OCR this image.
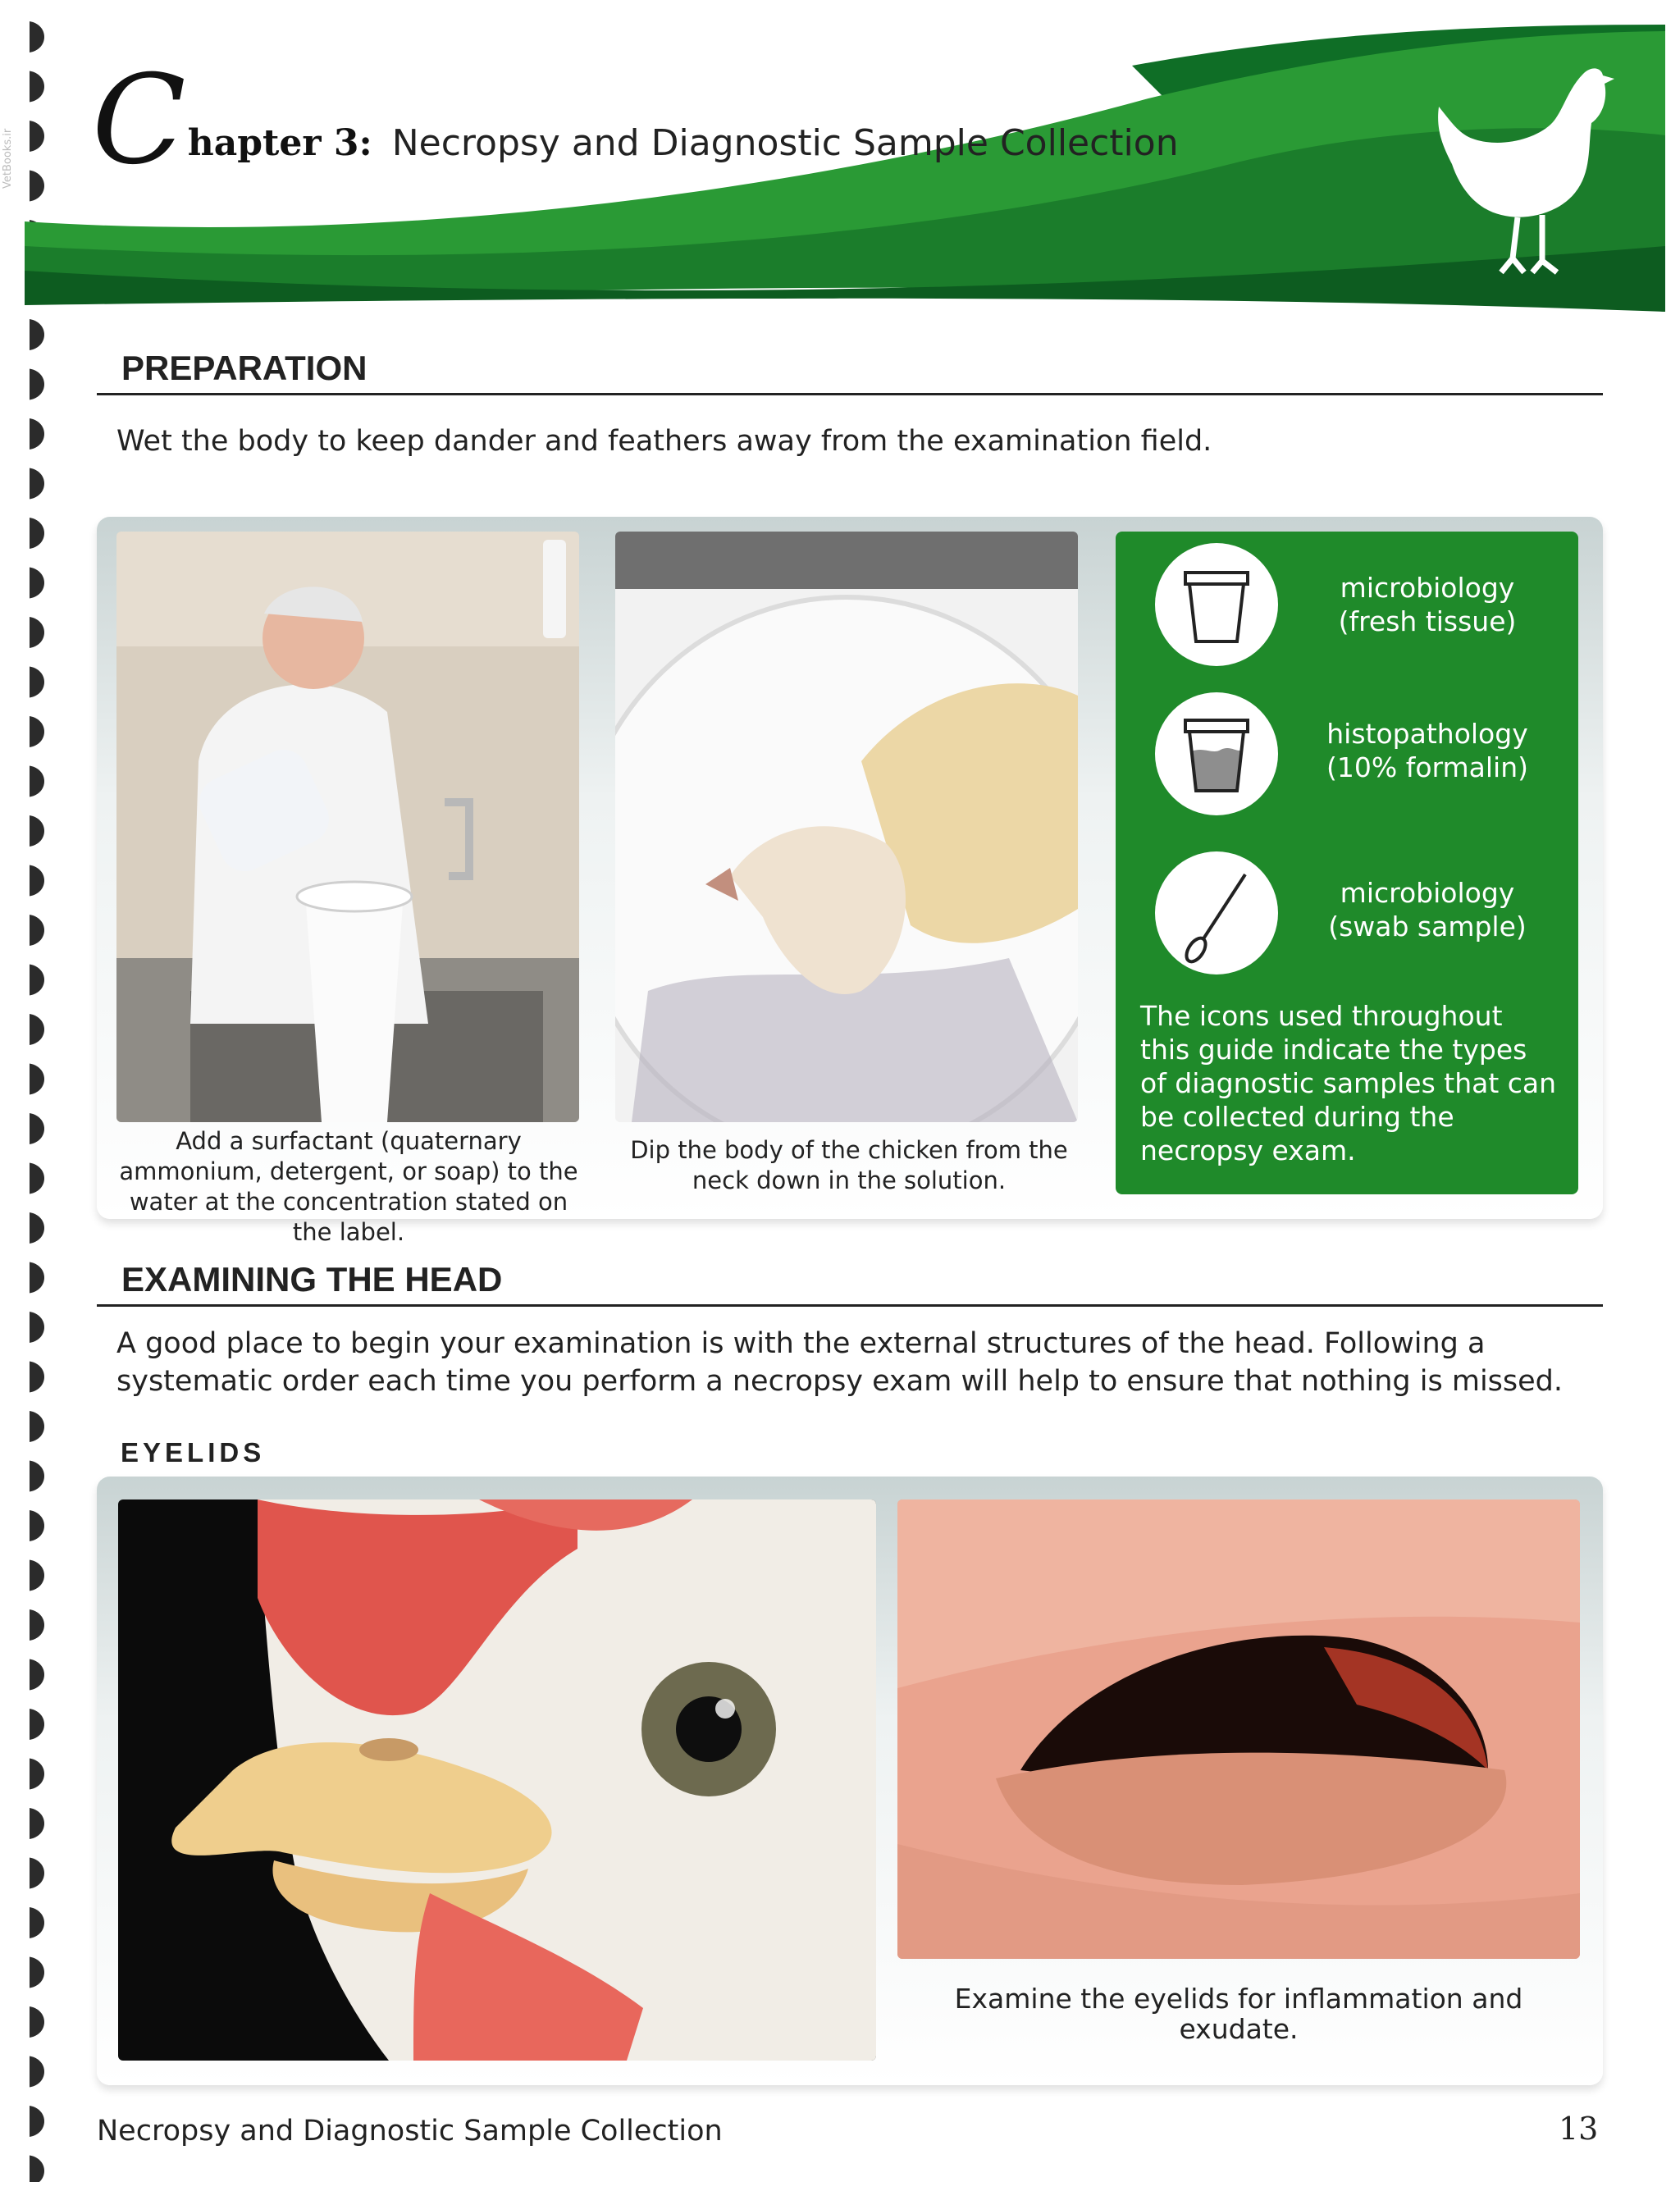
VetBooks.ir C hapter 3: Necropsy and Diagnostic Sample Collection
PREPARATION
Wet the body to keep dander and feathers away from the examination field.
Add a surfactant (quaternary ammonium, detergent, or soap) to the water at the concentration stated on the label.
Dip the body of the chicken from the neck down in the solution.
microbiology
(fresh tissue)
histopathology
(10% formalin)
microbiology
(swab sample)
The icons used throughout this guide indicate the types of diagnostic samples that can be collected during the necropsy exam.
EXAMINING THE HEAD
A good place to begin your examination is with the external structures of the head. Following a systematic order each time you perform a necropsy exam will help to ensure that nothing is missed.
EYELIDS
Examine the eyelids for inflammation and exudate.
Necropsy and Diagnostic Sample Collection	13
